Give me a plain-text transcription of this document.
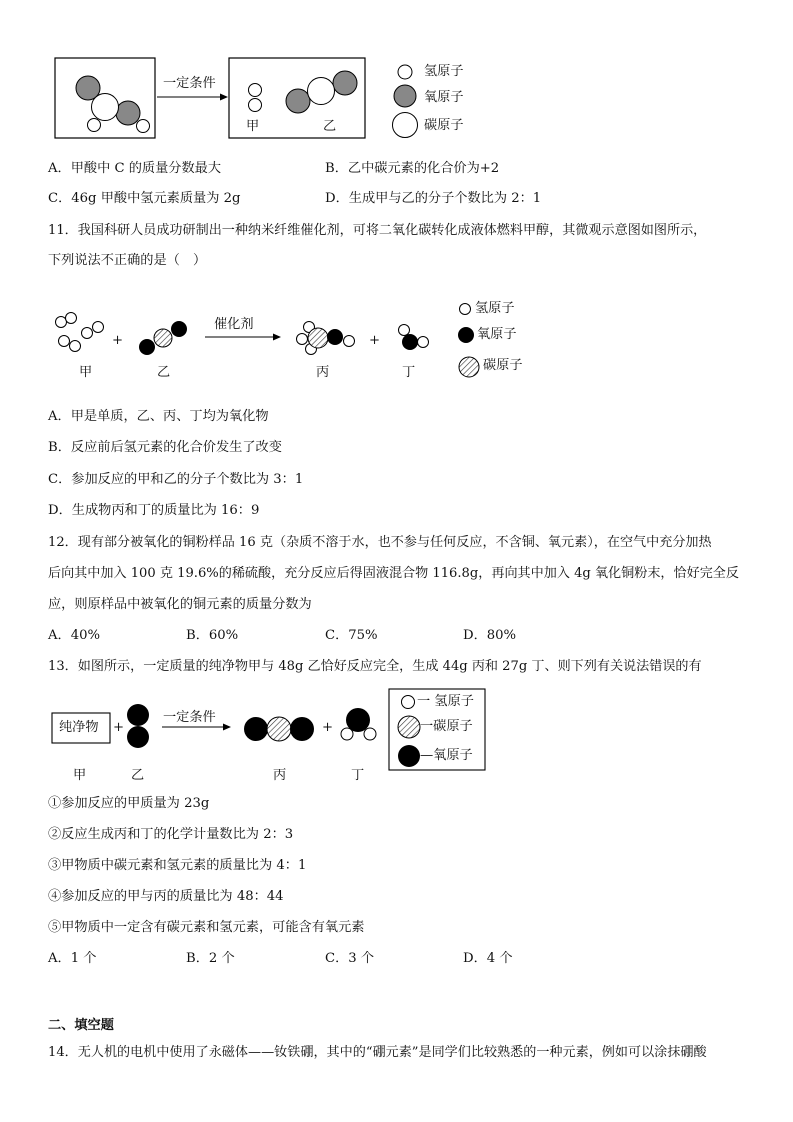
一定条件
甲	乙
氢原子
氧原子
碳原子
A．甲酸中 C 的质量分数最大	B．乙中碳元素的化合价为+2
C．46g 甲酸中氢元素质量为 2g	D．生成甲与乙的分子个数比为 2：1
11．我国科研人员成功研制出一种纳米纤维催化剂，可将二氧化碳转化成液体燃料甲醇，其微观示意图如图所示，
下列说法不正确的是（　）
催化剂
+	+
甲	乙	丙	丁
氢原子
氧原子
碳原子
A．甲是单质，乙、丙、丁均为氧化物
B．反应前后氢元素的化合价发生了改变
C．参加反应的甲和乙的分子个数比为 3：1
D．生成物丙和丁的质量比为 16：9
12．现有部分被氧化的铜粉样品 16 克（杂质不溶于水，也不参与任何反应，不含铜、氧元素），在空气中充分加热
后向其中加入 100 克 19.6%的稀硫酸，充分反应后得固液混合物 116.8g，再向其中加入 4g 氧化铜粉末，恰好完全反
应，则原样品中被氧化的铜元素的质量分数为
A．40%	B．60%	C．75%	D．80%
13．如图所示，一定质量的纯净物甲与 48g 乙恰好反应完全，生成 44g 丙和 27g 丁、则下列有关说法错误的有
纯净物 +
一定条件
+
甲	乙	丙	丁
一 氢原子
一碳原子
—氧原子
①参加反应的甲质量为 23g
②反应生成丙和丁的化学计量数比为 2：3
③甲物质中碳元素和氢元素的质量比为 4：1
④参加反应的甲与丙的质量比为 48：44
⑤甲物质中一定含有碳元素和氢元素，可能含有氧元素
A．1 个	B．2 个	C．3 个	D．4 个
二、填空题
14．无人机的电机中使用了永磁体——钕铁硼，其中的“硼元素”是同学们比较熟悉的一种元素，例如可以涂抹硼酸
